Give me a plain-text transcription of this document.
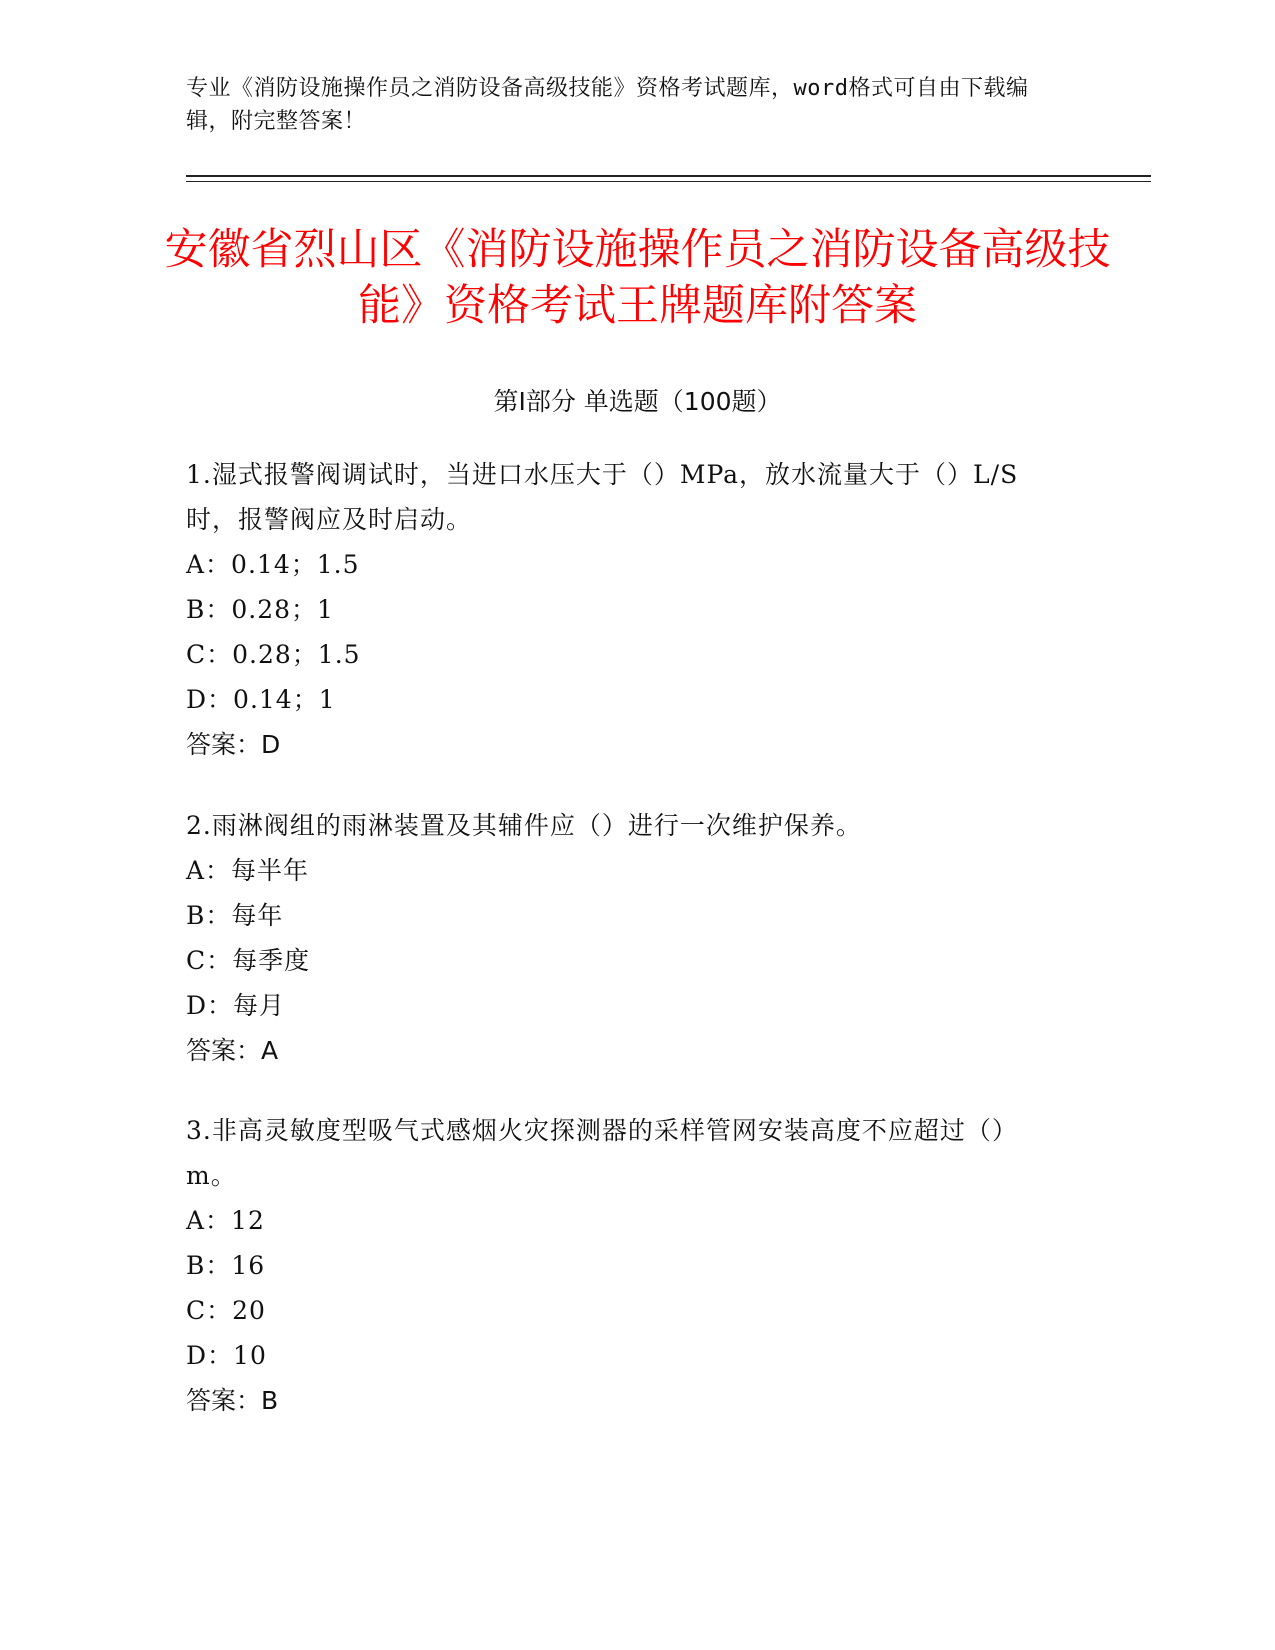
专业《消防设施操作员之消防设备高级技能》资格考试题库，word格式可自由下载编辑，附完整答案！
安徽省烈山区《消防设施操作员之消防设备高级技能》资格考试王牌题库附答案
第Ⅰ部分 单选题（100题）
1.湿式报警阀调试时，当进口水压大于（）MPa，放水流量大于（）L/S时，报警阀应及时启动。
A：0.14；1.5
B：0.28；1
C：0.28；1.5
D：0.14；1
答案：D
2.雨淋阀组的雨淋装置及其辅件应（）进行一次维护保养。
A：每半年
B：每年
C：每季度
D：每月
答案：A
3.非高灵敏度型吸气式感烟火灾探测器的采样管网安装高度不应超过（）m。
A：12
B：16
C：20
D：10
答案：B
